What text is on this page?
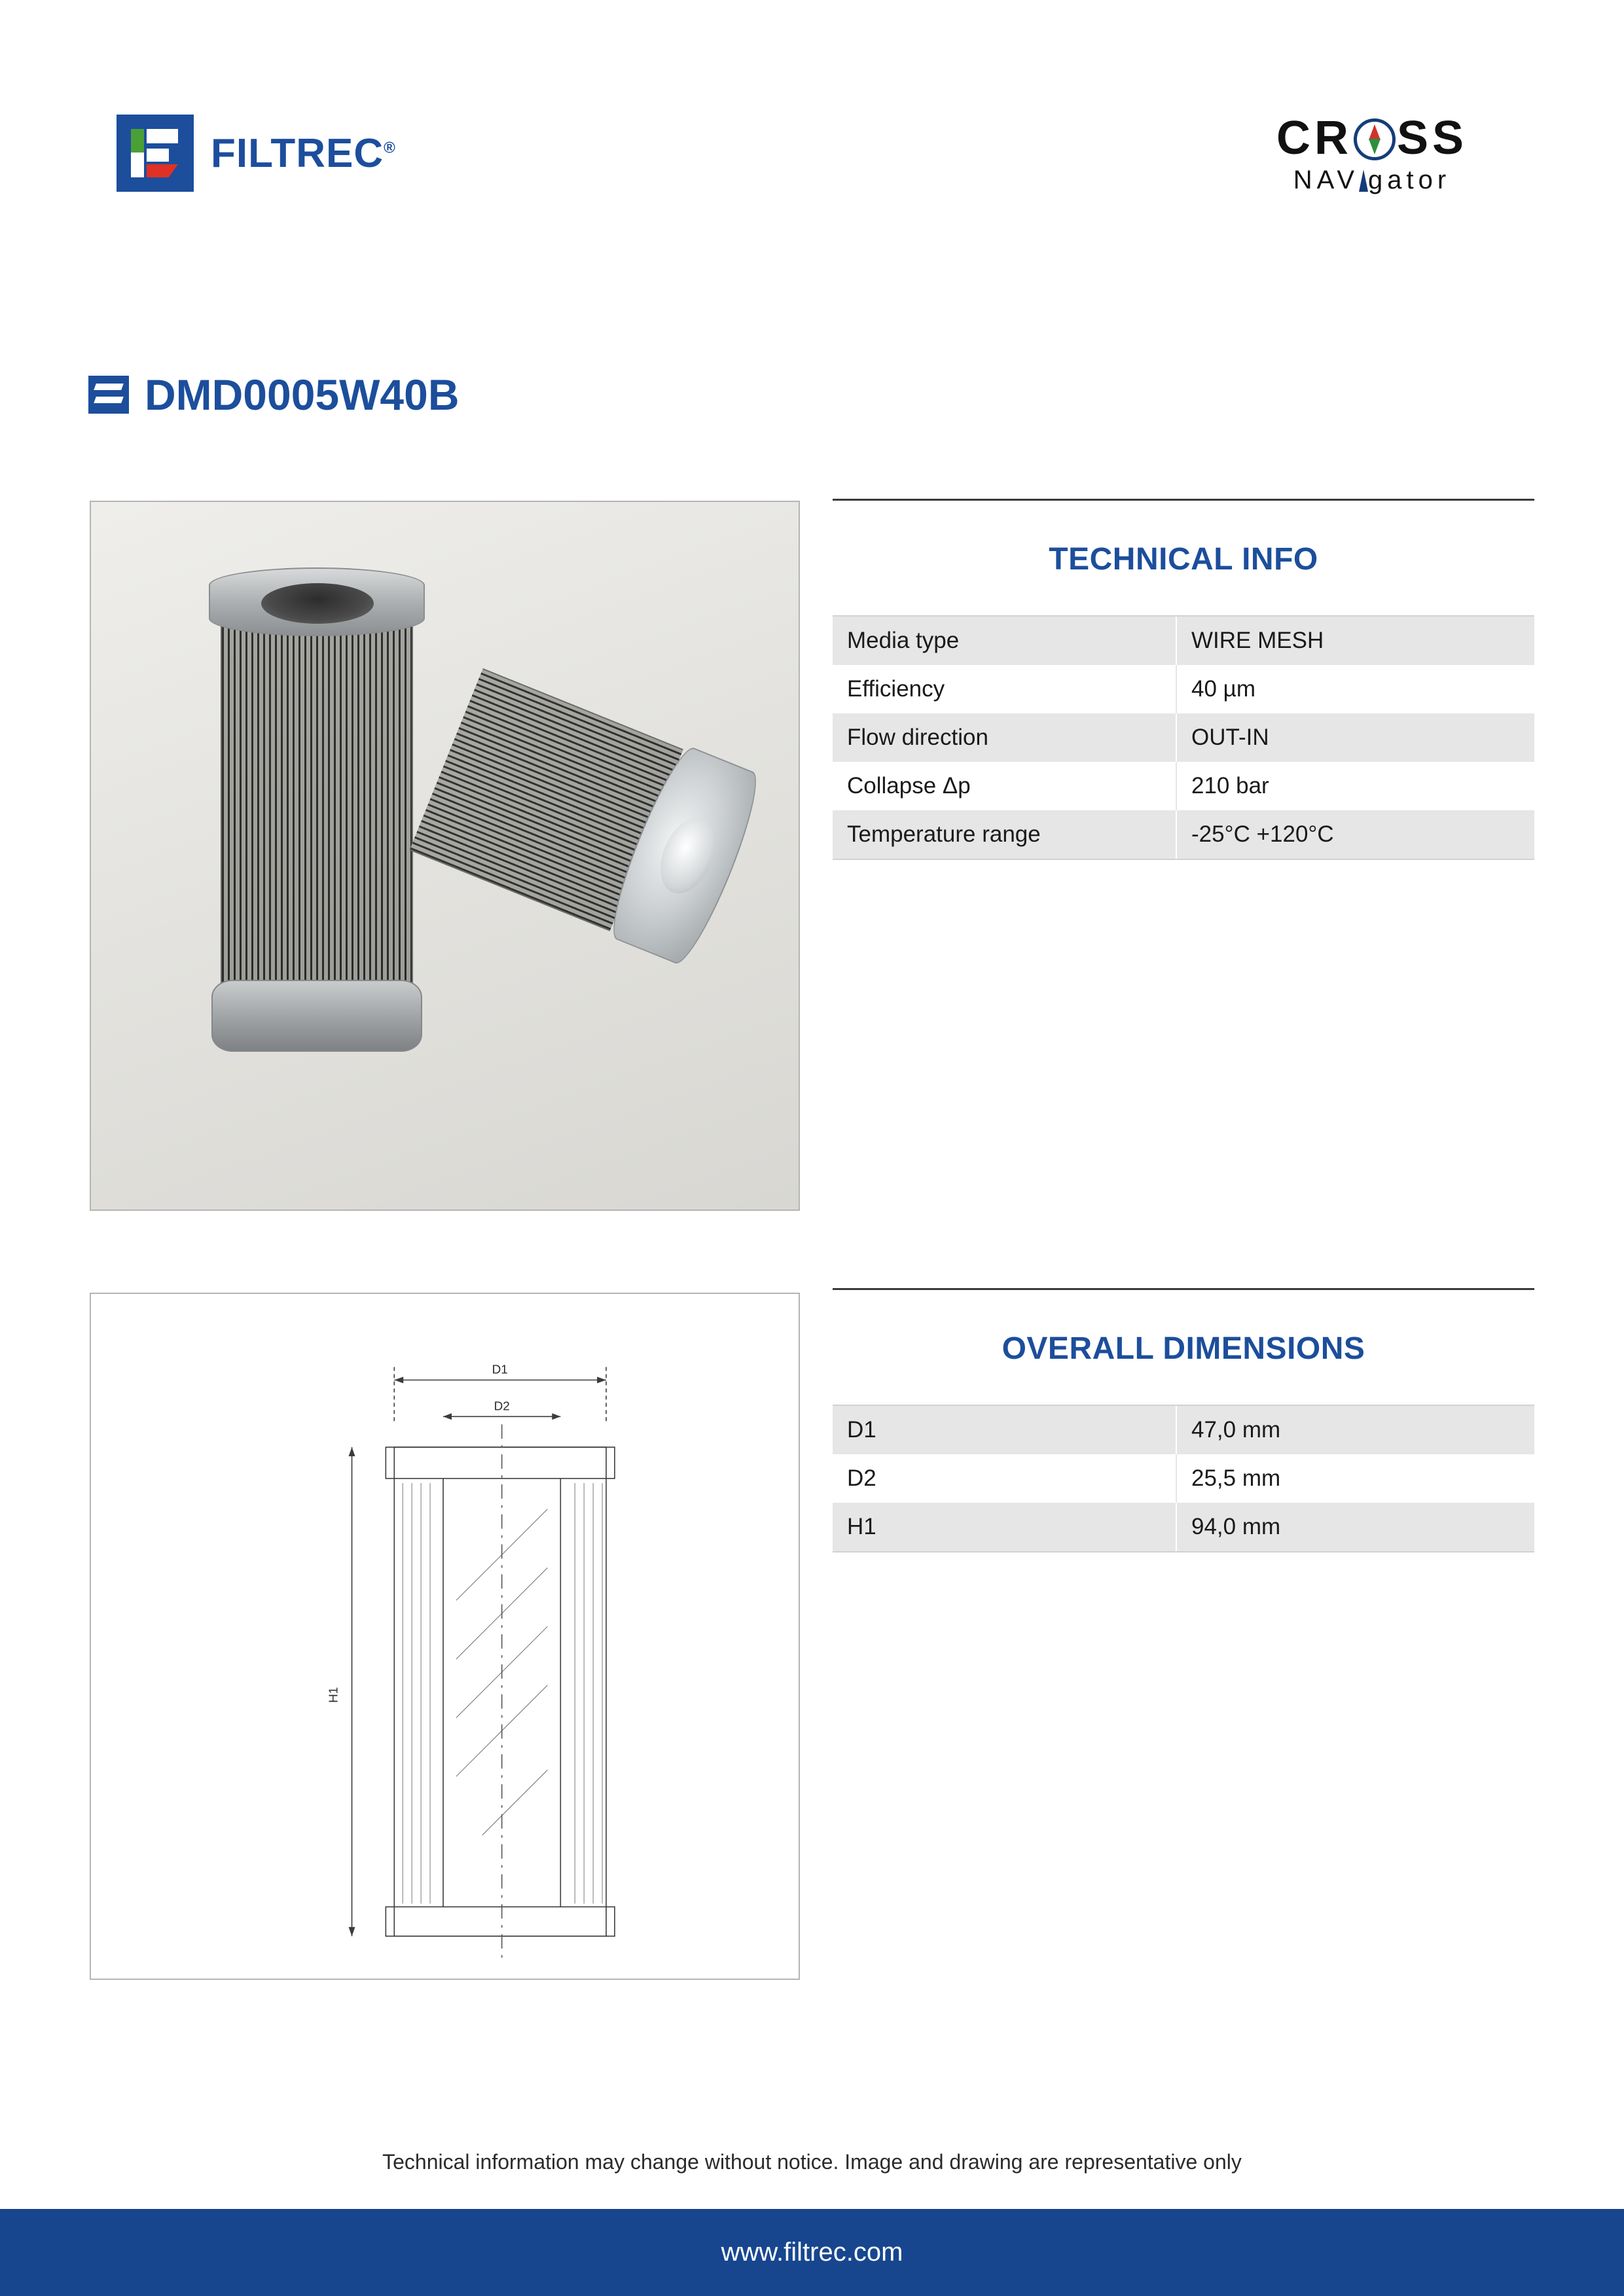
FILTREC®	CR SS
NAV gator
DMD0005W40B
D1
D2
H1
TECHNICAL INFO
Media type	WIRE MESH
Efficiency	40 µm
Flow direction	OUT-IN
Collapse Δp	210 bar
Temperature range	-25°C +120°C
OVERALL DIMENSIONS
D1	47,0 mm
D2	25,5 mm
H1	94,0 mm
Technical information may change without notice. Image and drawing are representative only
www.filtrec.com
